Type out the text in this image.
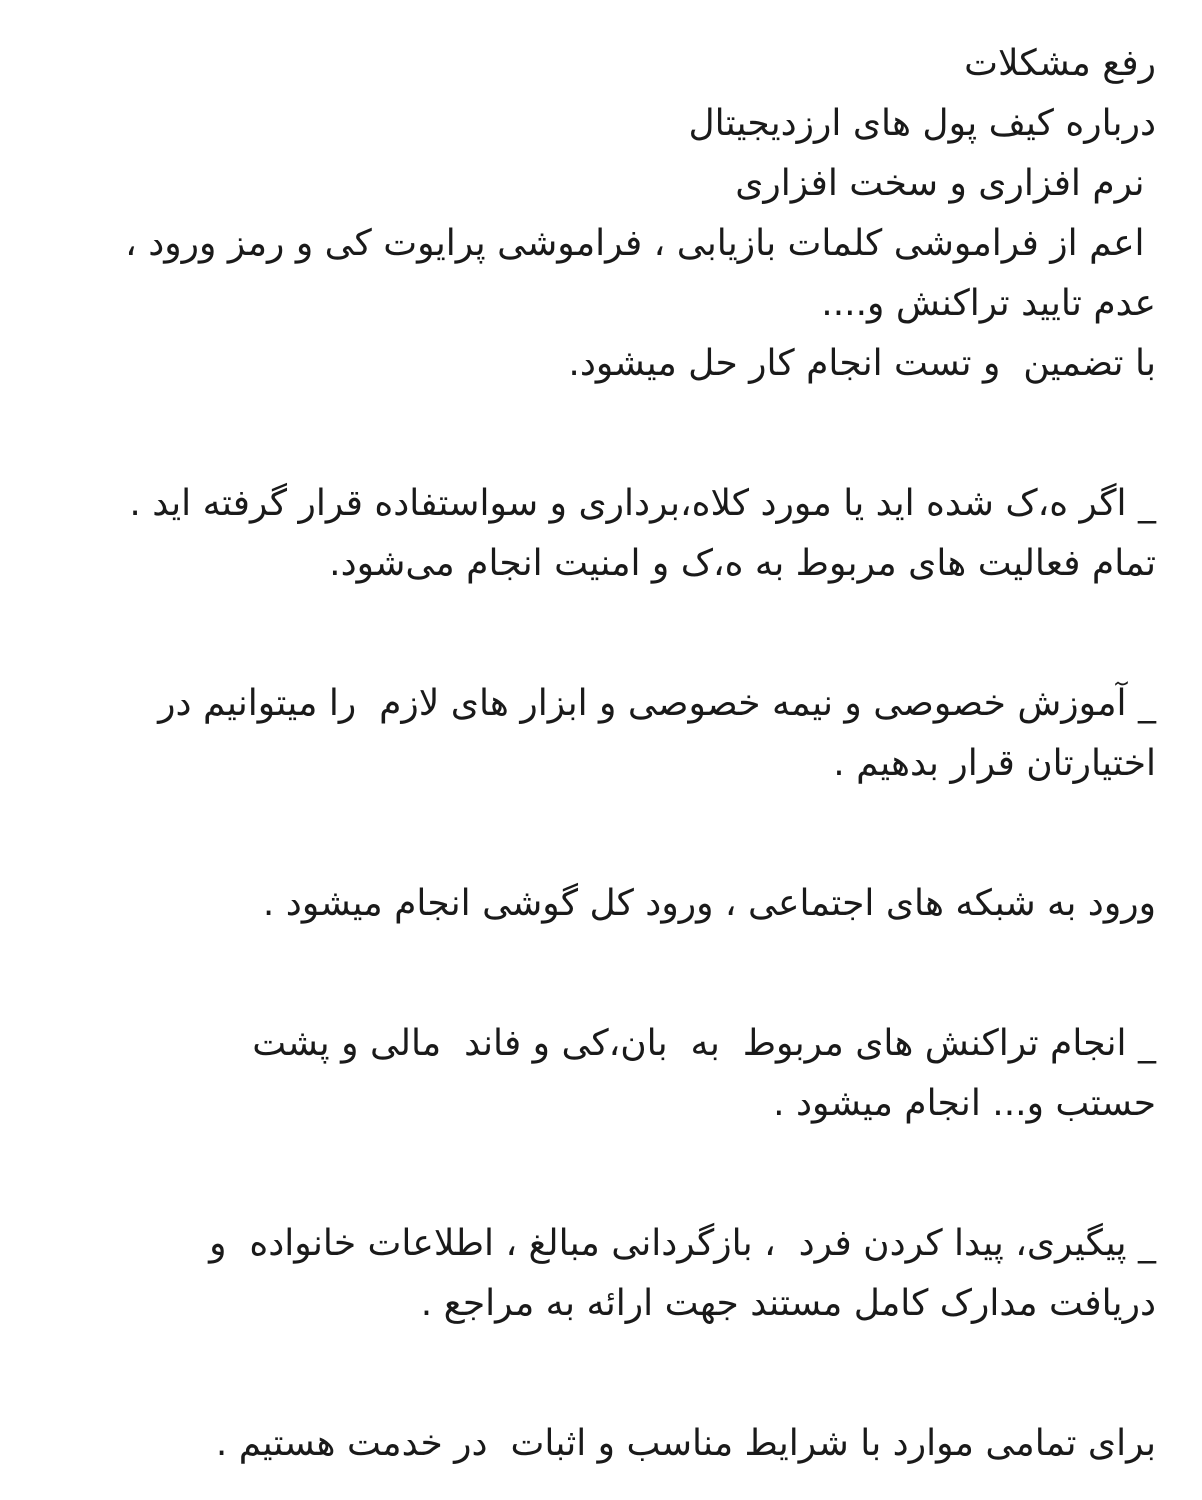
رفع مشکلات
درباره کیف پول های ارزدیجیتال
نرم افزاری و سخت افزاری
اعم از فراموشی کلمات بازیابی ، فراموشی پرایوت کی و رمز ورود ،
عدم تایید تراکنش و....
با تضمین  و تست انجام کار حل میشود.
_ اگر ه،ک شده اید یا مورد کلاه،برداری و سواستفاده قرار گرفته اید .
تمام فعالیت های مربوط به ه،ک و امنیت انجام می‌شود.
_ آموزش خصوصی و نیمه خصوصی و ابزار های لازم  را میتوانیم در
اختیارتان قرار بدهیم .
ورود به شبکه های اجتماعی ، ورود کل گوشی انجام میشود .
_ انجام تراکنش های مربوط  به  بان،کی و فاند  مالی و پشت
حستب و... انجام میشود .
_ پیگیری، پیدا کردن فرد  ، بازگردانی مبالغ ، اطلاعات خانواده  و
دریافت مدارک کامل مستند جهت ارائه به مراجع .
برای تمامی موارد با شرایط مناسب و اثبات  در خدمت هستیم .
